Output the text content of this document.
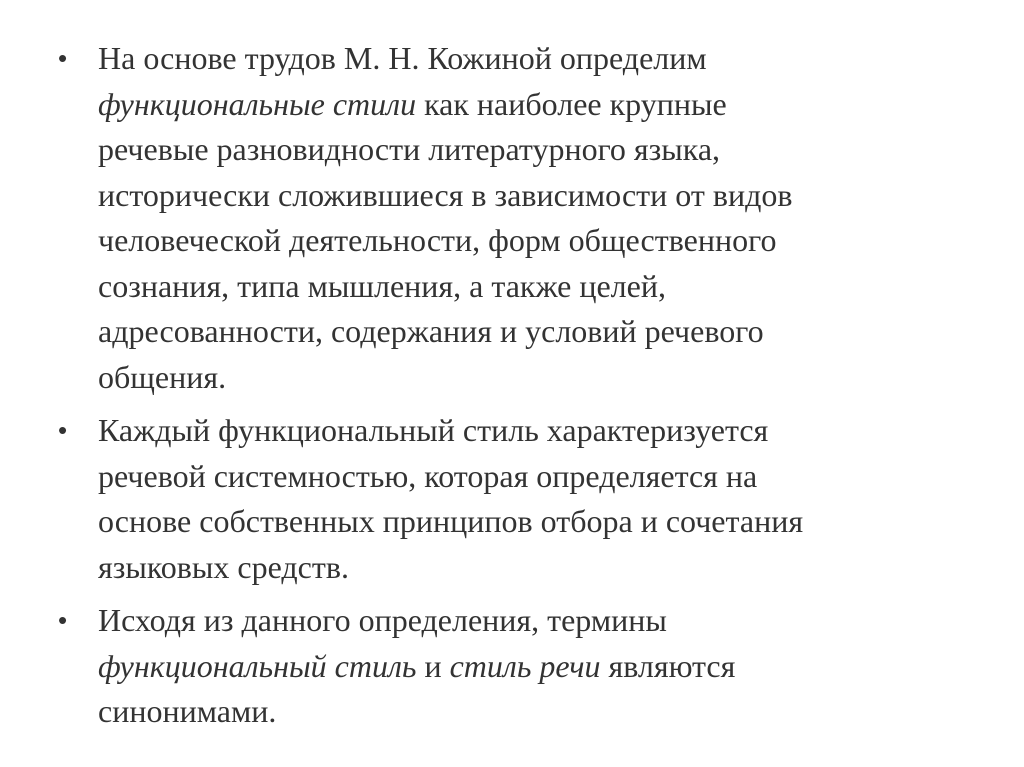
• На основе трудов М. Н. Кожиной определим
функциональные стили как наиболее крупные
речевые разновидности литературного языка,
исторически сложившиеся в зависимости от видов
человеческой деятельности, форм общественного
сознания, типа мышления, а также целей,
адресованности, содержания и условий речевого
общения.
• Каждый функциональный стиль характеризуется
речевой системностью, которая определяется на
основе собственных принципов отбора и сочетания
языковых средств.
• Исходя из данного определения, термины
функциональный стиль и стиль речи являются
синонимами.
